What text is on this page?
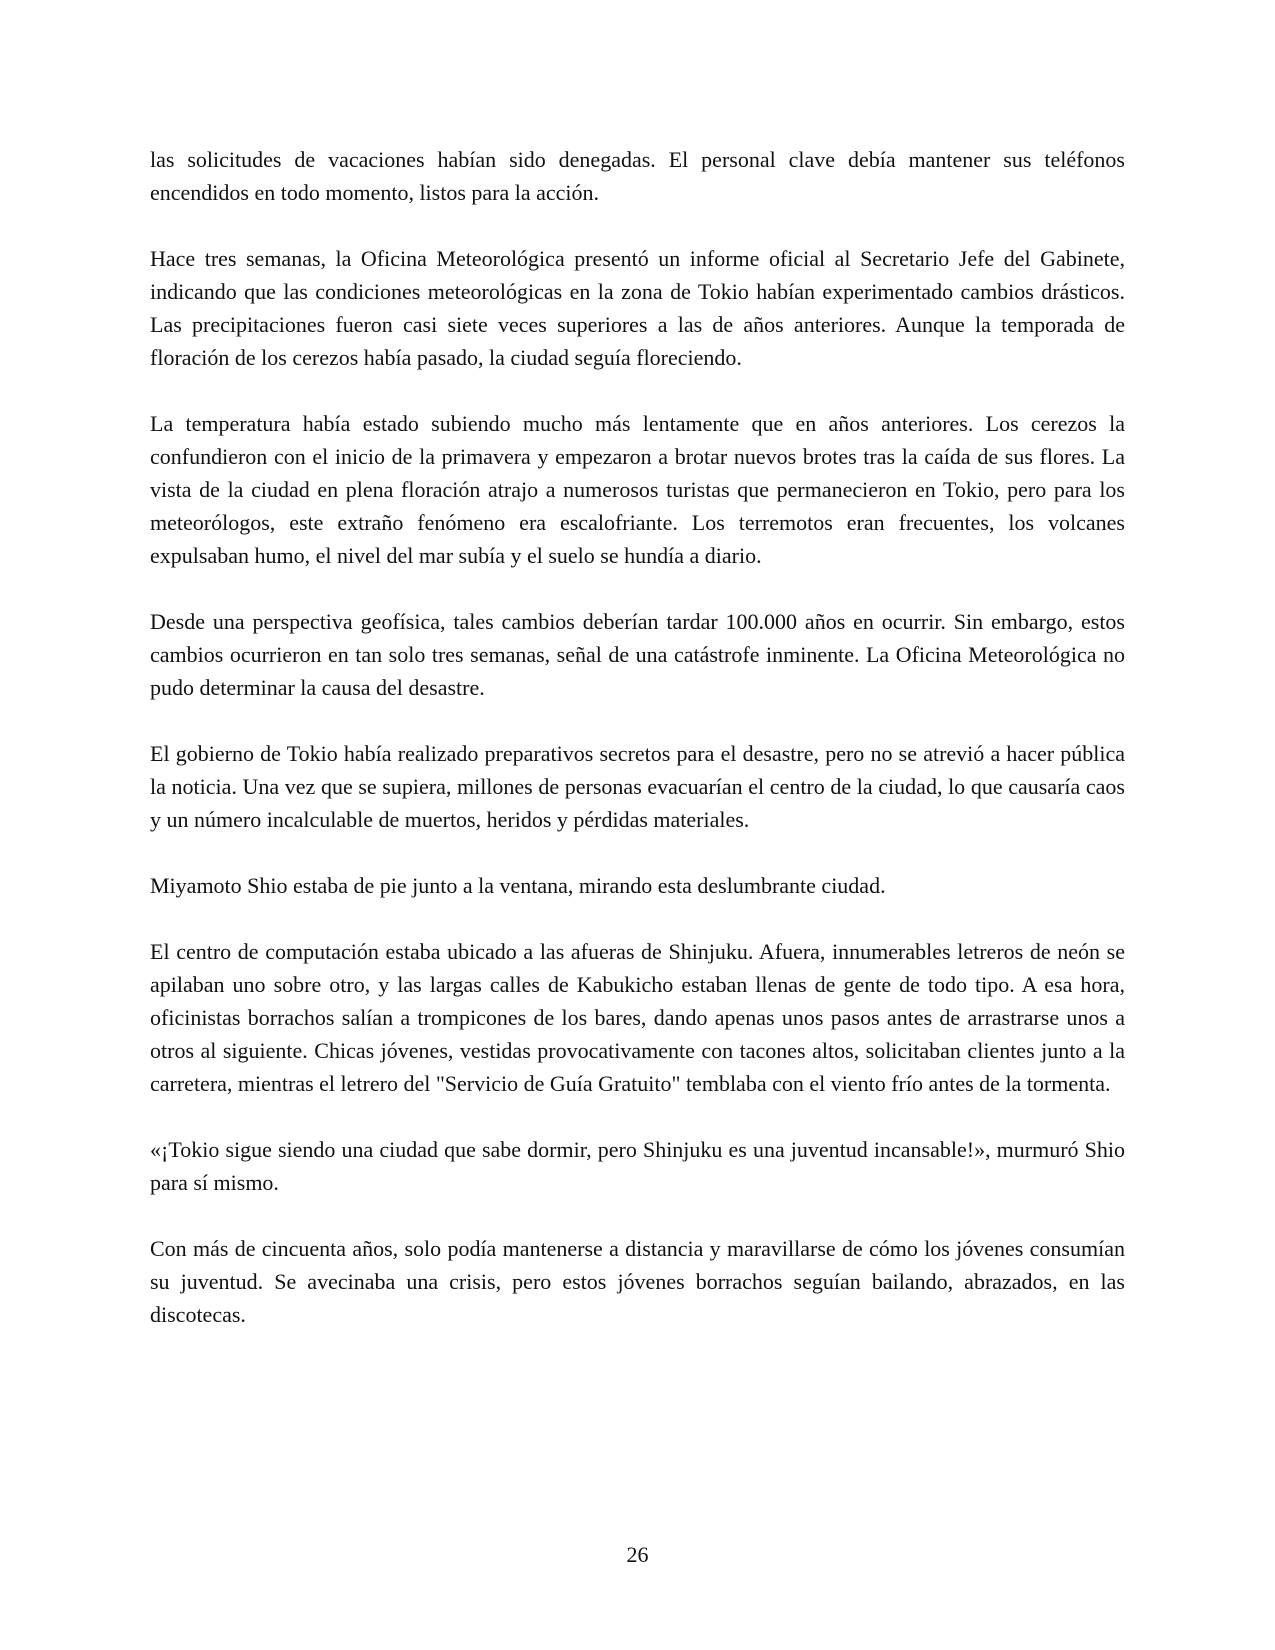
las solicitudes de vacaciones habían sido denegadas. El personal clave debía mantener sus teléfonos encendidos en todo momento, listos para la acción.

Hace tres semanas, la Oficina Meteorológica presentó un informe oficial al Secretario Jefe del Gabinete, indicando que las condiciones meteorológicas en la zona de Tokio habían experimentado cambios drásticos. Las precipitaciones fueron casi siete veces superiores a las de años anteriores. Aunque la temporada de floración de los cerezos había pasado, la ciudad seguía floreciendo.

La temperatura había estado subiendo mucho más lentamente que en años anteriores. Los cerezos la confundieron con el inicio de la primavera y empezaron a brotar nuevos brotes tras la caída de sus flores. La vista de la ciudad en plena floración atrajo a numerosos turistas que permanecieron en Tokio, pero para los meteorólogos, este extraño fenómeno era escalofriante. Los terremotos eran frecuentes, los volcanes expulsaban humo, el nivel del mar subía y el suelo se hundía a diario.

Desde una perspectiva geofísica, tales cambios deberían tardar 100.000 años en ocurrir. Sin embargo, estos cambios ocurrieron en tan solo tres semanas, señal de una catástrofe inminente. La Oficina Meteorológica no pudo determinar la causa del desastre.

El gobierno de Tokio había realizado preparativos secretos para el desastre, pero no se atrevió a hacer pública la noticia. Una vez que se supiera, millones de personas evacuarían el centro de la ciudad, lo que causaría caos y un número incalculable de muertos, heridos y pérdidas materiales.

Miyamoto Shio estaba de pie junto a la ventana, mirando esta deslumbrante ciudad.

El centro de computación estaba ubicado a las afueras de Shinjuku. Afuera, innumerables letreros de neón se apilaban uno sobre otro, y las largas calles de Kabukicho estaban llenas de gente de todo tipo. A esa hora, oficinistas borrachos salían a trompicones de los bares, dando apenas unos pasos antes de arrastrarse unos a otros al siguiente. Chicas jóvenes, vestidas provocativamente con tacones altos, solicitaban clientes junto a la carretera, mientras el letrero del "Servicio de Guía Gratuito" temblaba con el viento frío antes de la tormenta.

«¡Tokio sigue siendo una ciudad que sabe dormir, pero Shinjuku es una juventud incansable!», murmuró Shio para sí mismo.

Con más de cincuenta años, solo podía mantenerse a distancia y maravillarse de cómo los jóvenes consumían su juventud. Se avecinaba una crisis, pero estos jóvenes borrachos seguían bailando, abrazados, en las discotecas.

26
